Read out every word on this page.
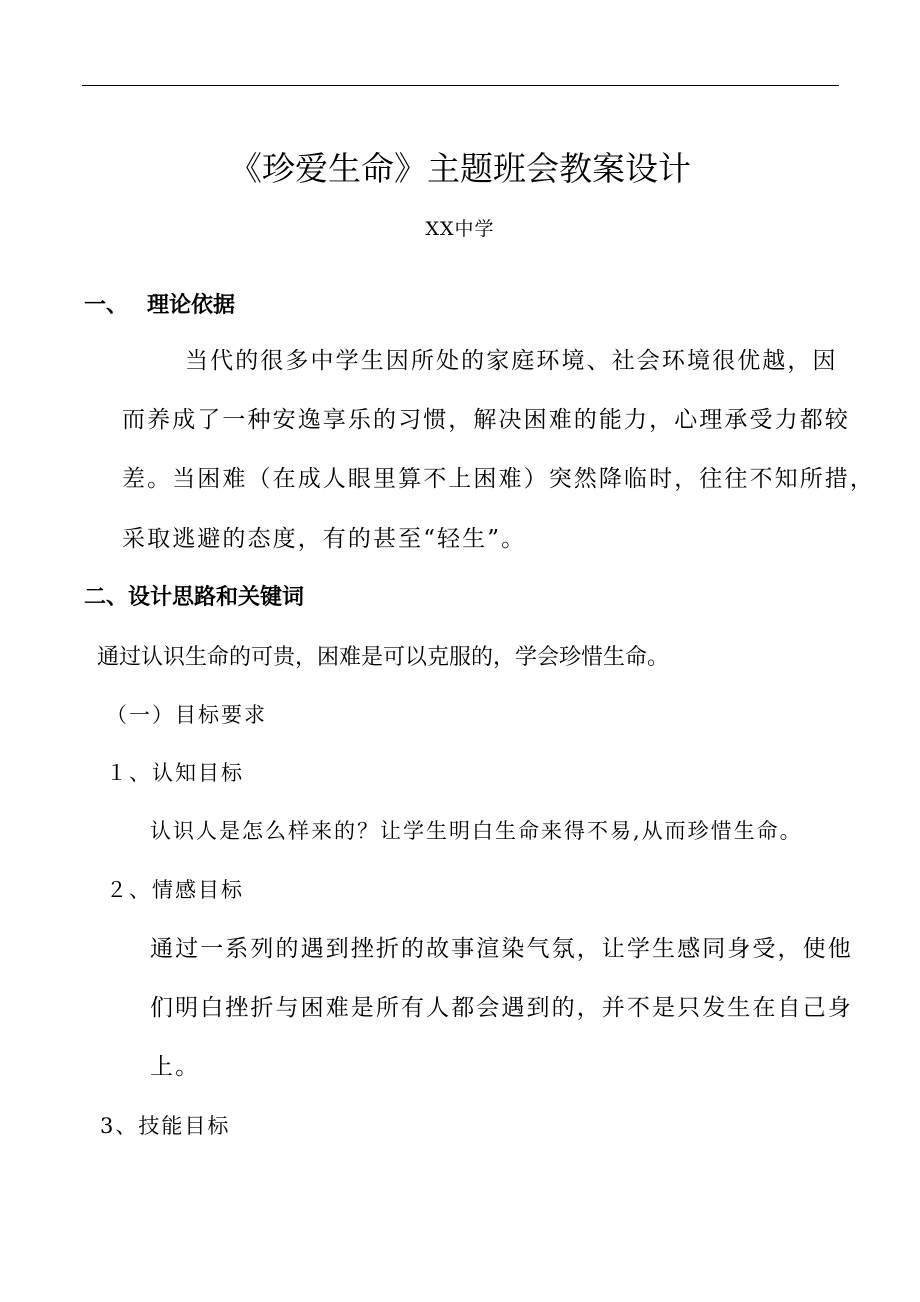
《珍爱生命》主题班会教案设计
XX中学
一、 理论依据
当代的很多中学生因所处的家庭环境、社会环境很优越，因
而养成了一种安逸享乐的习惯，解决困难的能力，心理承受力都较
差。当困难（在成人眼里算不上困难）突然降临时，往往不知所措，
采取逃避的态度，有的甚至“轻生”。
二、设计思路和关键词
通过认识生命的可贵，困难是可以克服的，学会珍惜生命。
（一）目标要求
１、认知目标
认识人是怎么样来的？让学生明白生命来得不易,从而珍惜生命。
２、情感目标
通过一系列的遇到挫折的故事渲染气氛，让学生感同身受，使他
们明白挫折与困难是所有人都会遇到的，并不是只发生在自己身
上。
3、技能目标
